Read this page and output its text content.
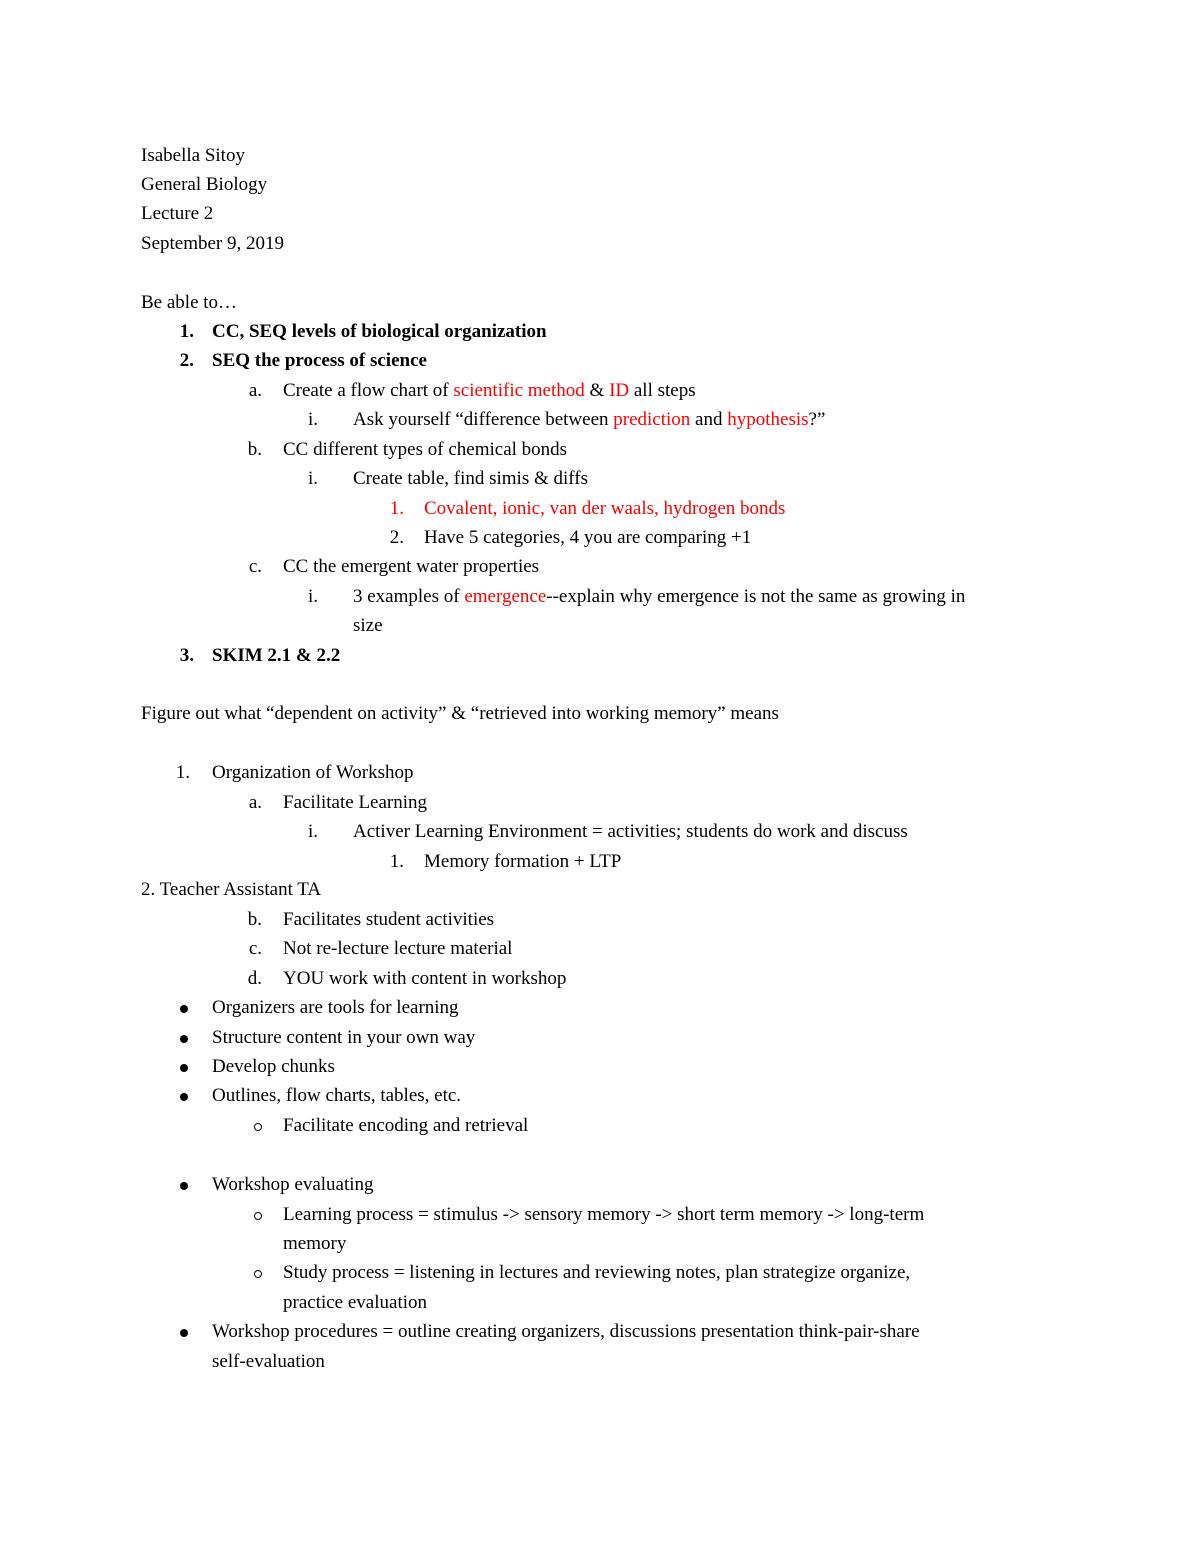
Isabella Sitoy
General Biology
Lecture 2
September 9, 2019
Be able to…
1. CC, SEQ levels of biological organization
2. SEQ the process of science
a. Create a flow chart of scientific method & ID all steps
i. Ask yourself “difference between prediction and hypothesis?”
b. CC different types of chemical bonds
i. Create table, find simis & diffs
1. Covalent, ionic, van der waals, hydrogen bonds
2. Have 5 categories, 4 you are comparing +1
c. CC the emergent water properties
i. 3 examples of emergence--explain why emergence is not the same as growing in
size
3. SKIM 2.1 & 2.2
Figure out what “dependent on activity” & “retrieved into working memory” means
1. Organization of Workshop
a. Facilitate Learning
i. Activer Learning Environment = activities; students do work and discuss
1. Memory formation + LTP
2. Teacher Assistant TA
b. Facilitates student activities
c. Not re-lecture lecture material
d. YOU work with content in workshop
Organizers are tools for learning
Structure content in your own way
Develop chunks
Outlines, flow charts, tables, etc.
Facilitate encoding and retrieval
Workshop evaluating
Learning process = stimulus -> sensory memory -> short term memory -> long-term
memory
Study process = listening in lectures and reviewing notes, plan strategize organize,
practice evaluation
Workshop procedures = outline creating organizers, discussions presentation think-pair-share
self-evaluation
